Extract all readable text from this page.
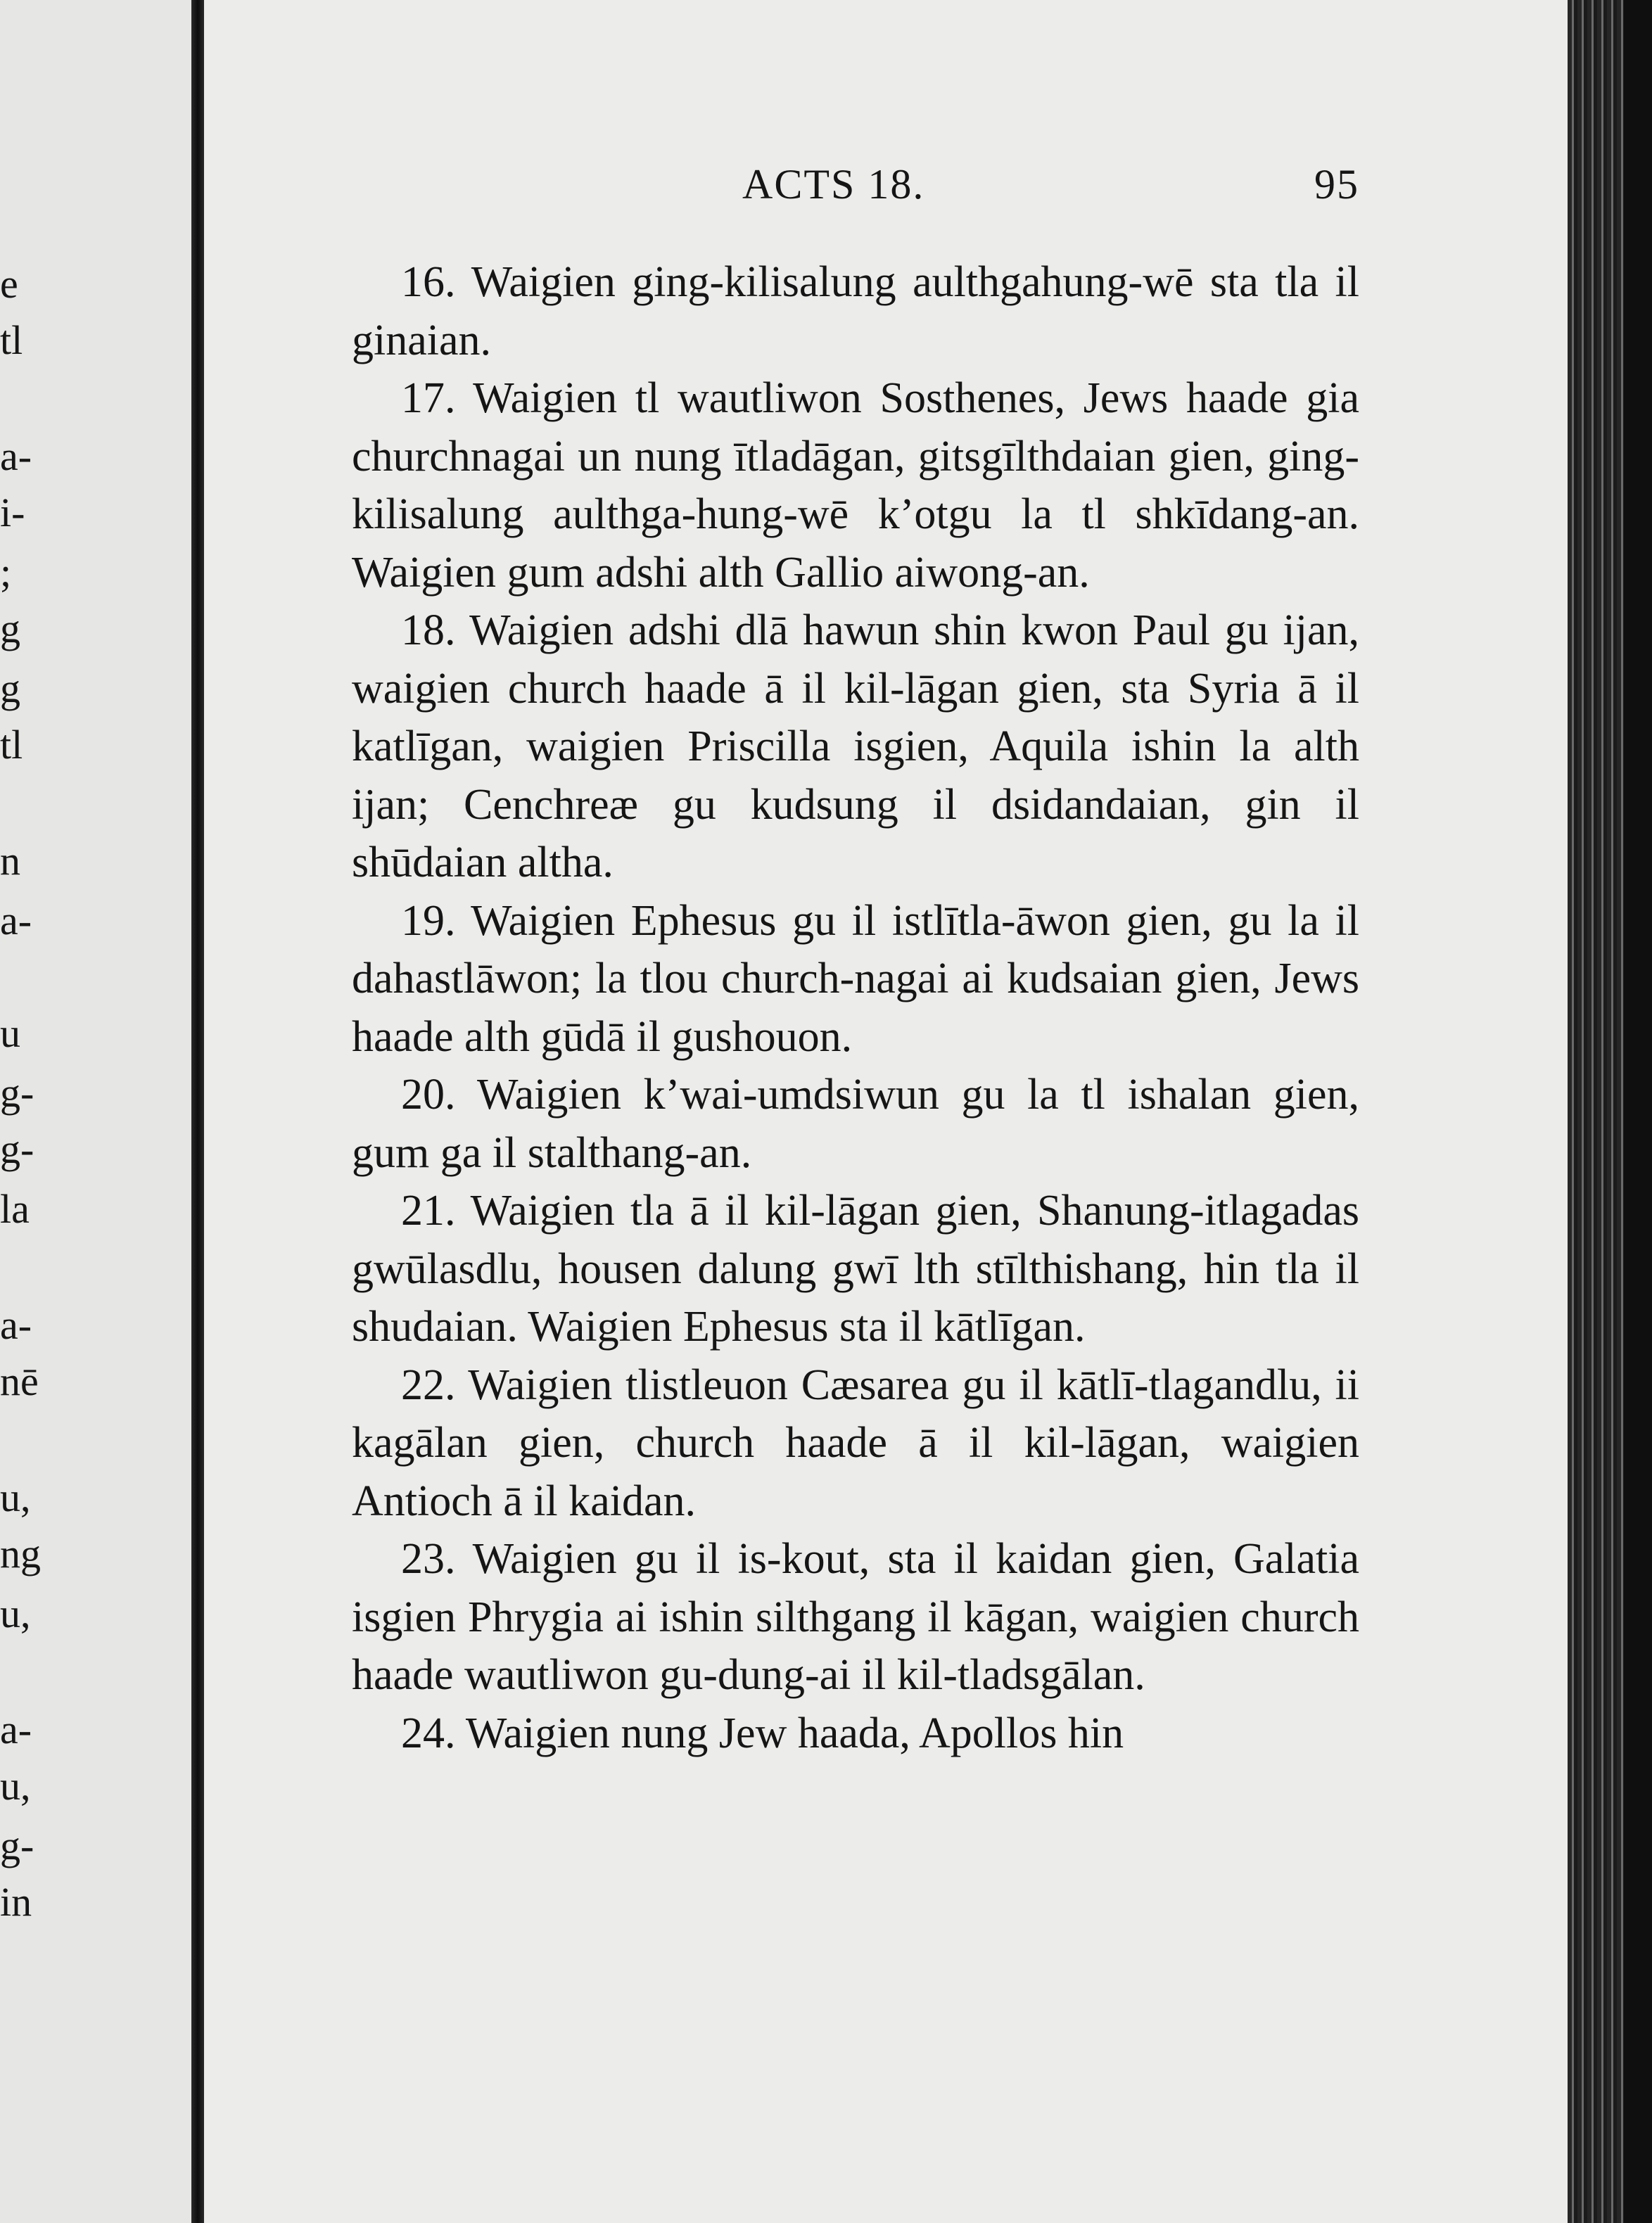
e
tl
a-
i-
;
g
g
tl
n
a-
u
g-
g-
la
a-
nē
u,
ng
u,
a-
u,
g-
in
ACTS 18.	95

16. Waigien ging-kilisalung aulthgahung-wē sta tla il ginaian.

17. Waigien tl wautliwon Sosthenes, Jews haade gia churchnagai un nung ītladāgan, gitsgīlthdaian gien, ging-kilisalung aulthga-hung-wē k’otgu la tl shkīdang-an. Waigien gum adshi alth Gallio aiwong-an.

18. Waigien adshi dlā hawun shin kwon Paul gu ijan, waigien church haade ā il kil-lāgan gien, sta Syria ā il katlīgan, waigien Priscilla isgien, Aquila ishin la alth ijan; Cenchreæ gu kudsung il dsidandaian, gin il shūdaian altha.

19. Waigien Ephesus gu il istlītla-āwon gien, gu la il dahastlāwon; la tlou church-nagai ai kudsaian gien, Jews haade alth gūdā il gushouon.

20. Waigien k’wai-umdsiwun gu la tl ishalan gien, gum ga il stalthang-an.

21. Waigien tla ā il kil-lāgan gien, Shanung-itlagadas gwūlasdlu, housen dalung gwī lth stīlthishang, hin tla il shudaian. Waigien Ephesus sta il kātlīgan.

22. Waigien tlistleuon Cæsarea gu il kātlī-tlagandlu, ii kagālan gien, church haade ā il kil-lāgan, waigien Antioch ā il kaidan.

23. Waigien gu il is-kout, sta il kaidan gien, Galatia isgien Phrygia ai ishin silthgang il kāgan, waigien church haade wautliwon gu-dung-ai il kil-tladsgālan.

24. Waigien nung Jew haada, Apollos hin
